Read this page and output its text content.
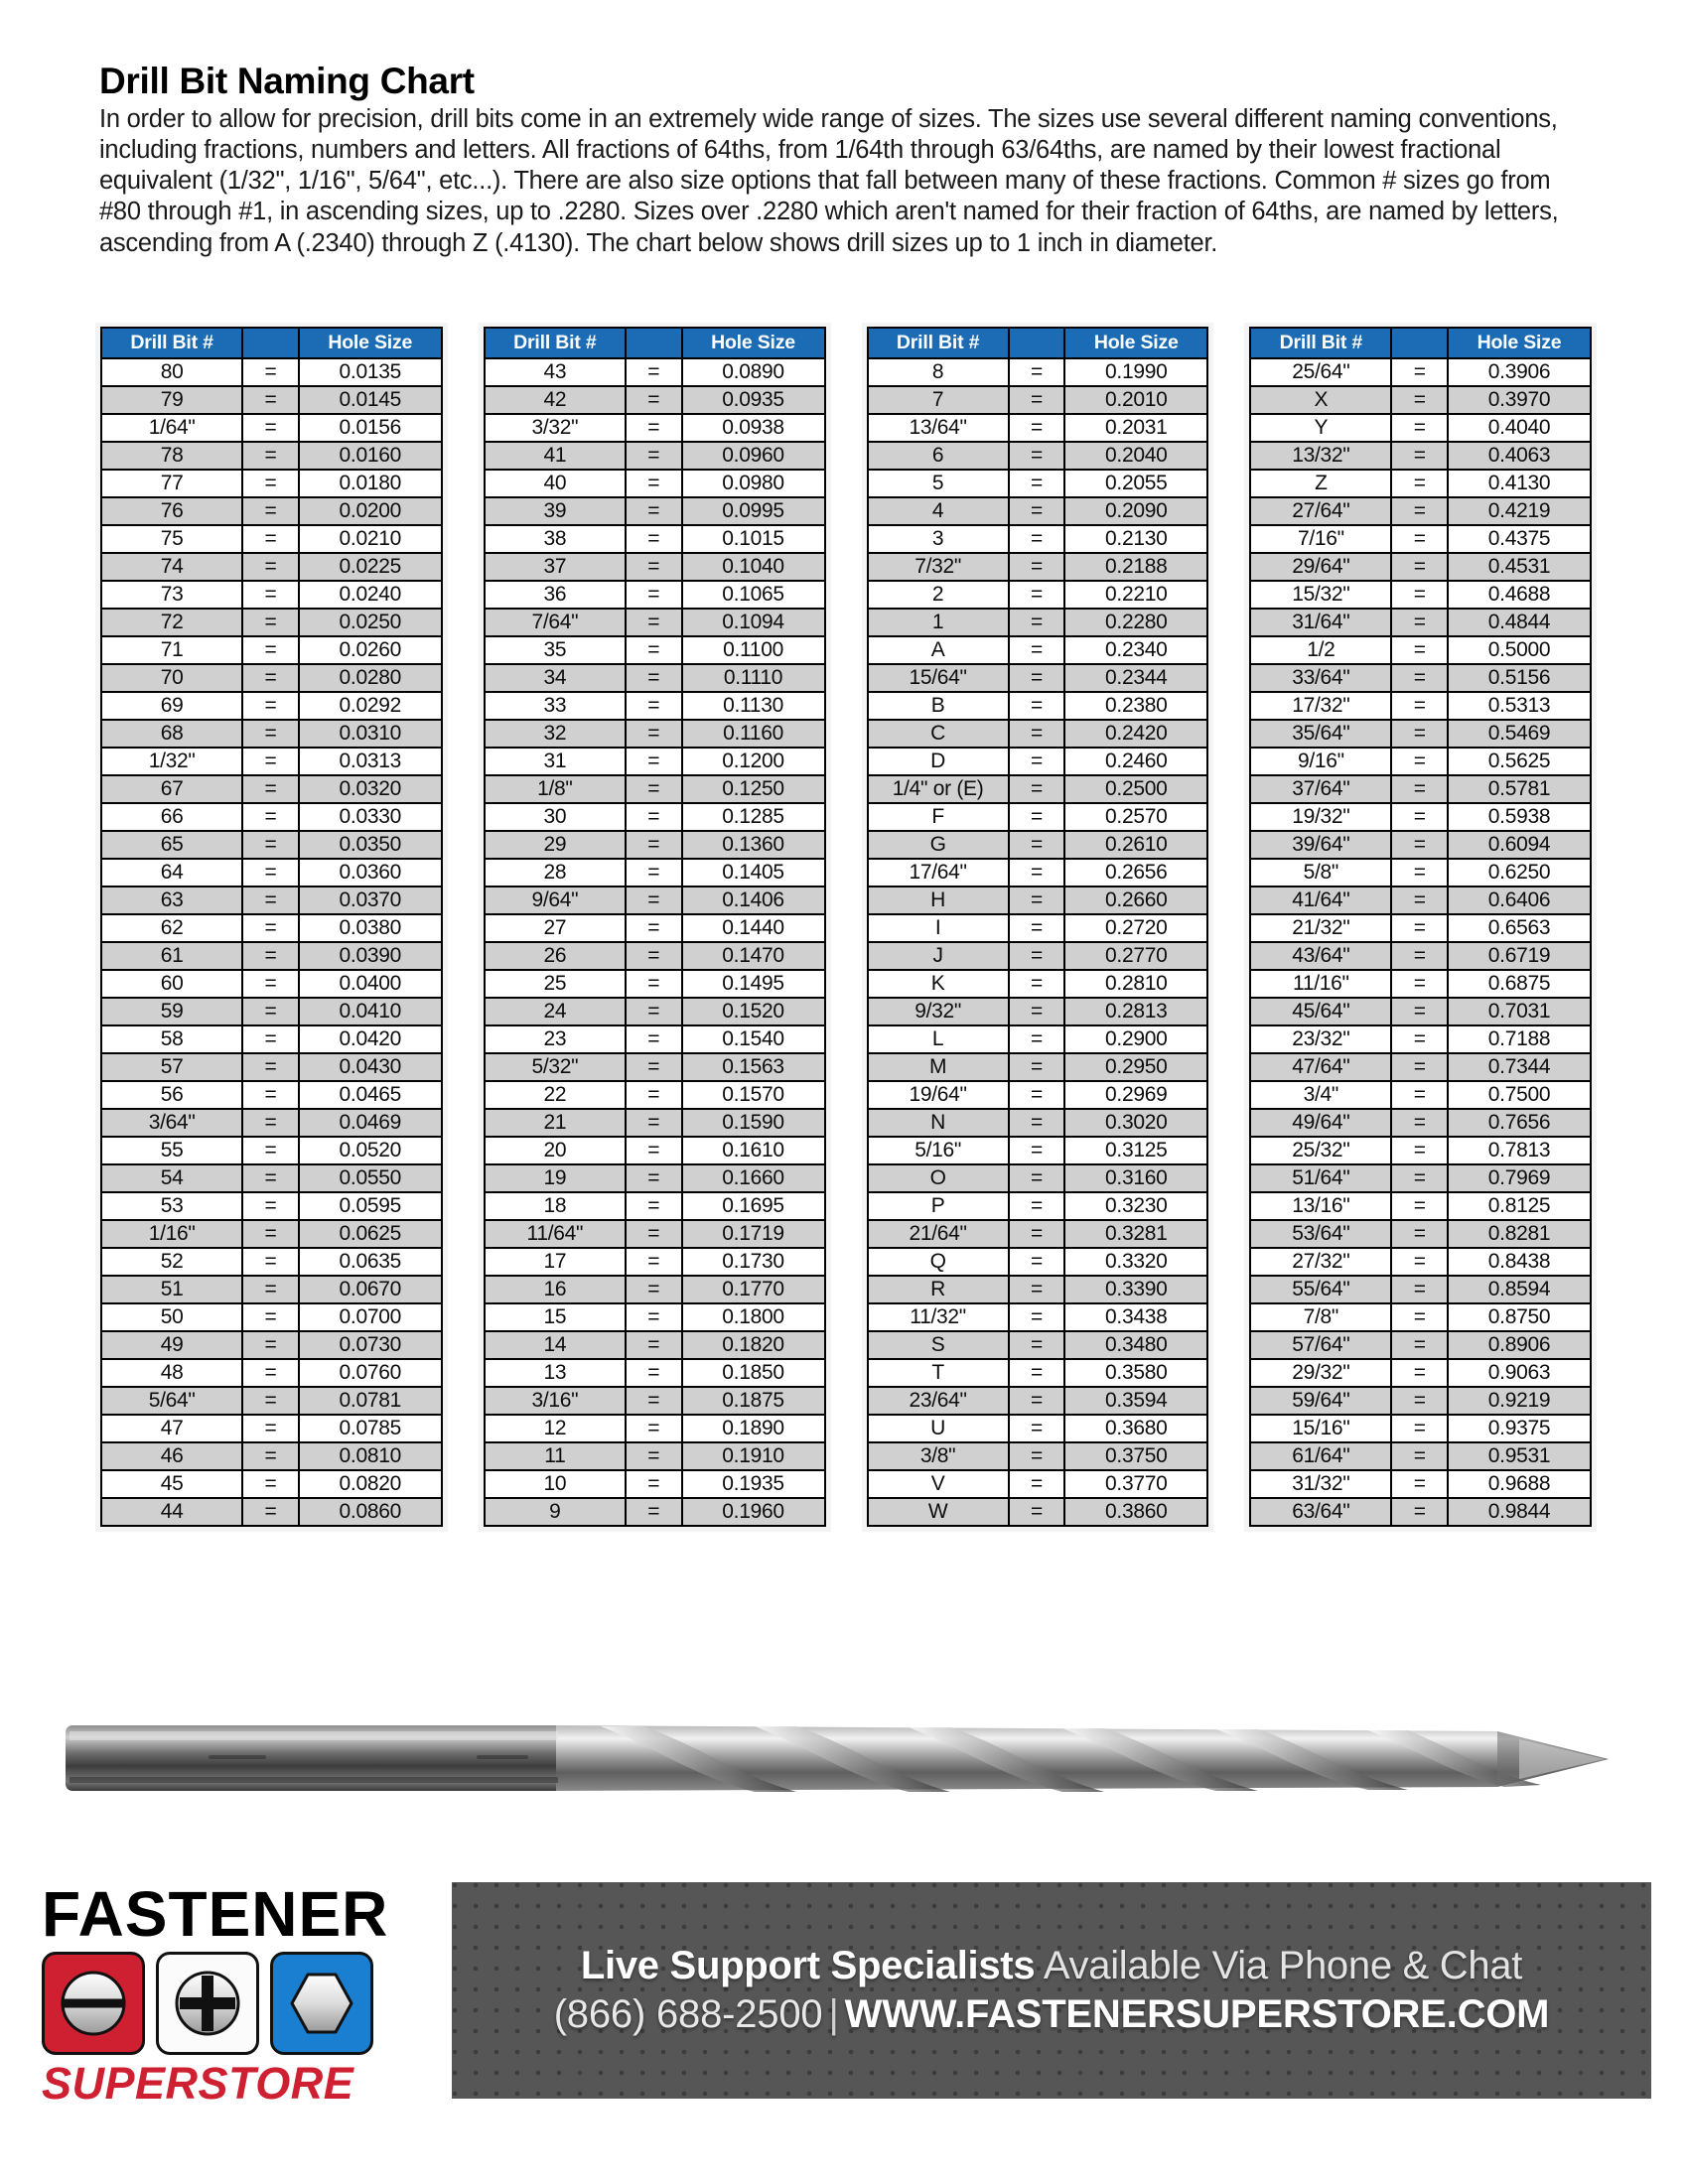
Drill Bit Naming Chart

In order to allow for precision, drill bits come in an extremely wide range of sizes. The sizes use several different naming conventions, including fractions, numbers and letters. All fractions of 64ths, from 1/64th through 63/64ths, are named by their lowest fractional equivalent (1/32", 1/16", 5/64", etc...). There are also size options that fall between many of these fractions. Common # sizes go from #80 through #1, in ascending sizes, up to .2280. Sizes over .2280 which aren't named for their fraction of 64ths, are named by letters, ascending from A (.2340) through Z (.4130). The chart below shows drill sizes up to 1 inch in diameter.

Drill Bit #		Hole Size
80	=	0.0135
79	=	0.0145
1/64"	=	0.0156
78	=	0.0160
77	=	0.0180
76	=	0.0200
75	=	0.0210
74	=	0.0225
73	=	0.0240
72	=	0.0250
71	=	0.0260
70	=	0.0280
69	=	0.0292
68	=	0.0310
1/32"	=	0.0313
67	=	0.0320
66	=	0.0330
65	=	0.0350
64	=	0.0360
63	=	0.0370
62	=	0.0380
61	=	0.0390
60	=	0.0400
59	=	0.0410
58	=	0.0420
57	=	0.0430
56	=	0.0465
3/64"	=	0.0469
55	=	0.0520
54	=	0.0550
53	=	0.0595
1/16"	=	0.0625
52	=	0.0635
51	=	0.0670
50	=	0.0700
49	=	0.0730
48	=	0.0760
5/64"	=	0.0781
47	=	0.0785
46	=	0.0810
45	=	0.0820
44	=	0.0860
Drill Bit #		Hole Size
43	=	0.0890
42	=	0.0935
3/32"	=	0.0938
41	=	0.0960
40	=	0.0980
39	=	0.0995
38	=	0.1015
37	=	0.1040
36	=	0.1065
7/64"	=	0.1094
35	=	0.1100
34	=	0.1110
33	=	0.1130
32	=	0.1160
31	=	0.1200
1/8"	=	0.1250
30	=	0.1285
29	=	0.1360
28	=	0.1405
9/64"	=	0.1406
27	=	0.1440
26	=	0.1470
25	=	0.1495
24	=	0.1520
23	=	0.1540
5/32"	=	0.1563
22	=	0.1570
21	=	0.1590
20	=	0.1610
19	=	0.1660
18	=	0.1695
11/64"	=	0.1719
17	=	0.1730
16	=	0.1770
15	=	0.1800
14	=	0.1820
13	=	0.1850
3/16"	=	0.1875
12	=	0.1890
11	=	0.1910
10	=	0.1935
9	=	0.1960
Drill Bit #		Hole Size
8	=	0.1990
7	=	0.2010
13/64"	=	0.2031
6	=	0.2040
5	=	0.2055
4	=	0.2090
3	=	0.2130
7/32"	=	0.2188
2	=	0.2210
1	=	0.2280
A	=	0.2340
15/64"	=	0.2344
B	=	0.2380
C	=	0.2420
D	=	0.2460
1/4" or (E)	=	0.2500
F	=	0.2570
G	=	0.2610
17/64"	=	0.2656
H	=	0.2660
I	=	0.2720
J	=	0.2770
K	=	0.2810
9/32"	=	0.2813
L	=	0.2900
M	=	0.2950
19/64"	=	0.2969
N	=	0.3020
5/16"	=	0.3125
O	=	0.3160
P	=	0.3230
21/64"	=	0.3281
Q	=	0.3320
R	=	0.3390
11/32"	=	0.3438
S	=	0.3480
T	=	0.3580
23/64"	=	0.3594
U	=	0.3680
3/8"	=	0.3750
V	=	0.3770
W	=	0.3860
Drill Bit #		Hole Size
25/64"	=	0.3906
X	=	0.3970
Y	=	0.4040
13/32"	=	0.4063
Z	=	0.4130
27/64"	=	0.4219
7/16"	=	0.4375
29/64"	=	0.4531
15/32"	=	0.4688
31/64"	=	0.4844
1/2	=	0.5000
33/64"	=	0.5156
17/32"	=	0.5313
35/64"	=	0.5469
9/16"	=	0.5625
37/64"	=	0.5781
19/32"	=	0.5938
39/64"	=	0.6094
5/8"	=	0.6250
41/64"	=	0.6406
21/32"	=	0.6563
43/64"	=	0.6719
11/16"	=	0.6875
45/64"	=	0.7031
23/32"	=	0.7188
47/64"	=	0.7344
3/4"	=	0.7500
49/64"	=	0.7656
25/32"	=	0.7813
51/64"	=	0.7969
13/16"	=	0.8125
53/64"	=	0.8281
27/32"	=	0.8438
55/64"	=	0.8594
7/8"	=	0.8750
57/64"	=	0.8906
29/32"	=	0.9063
59/64"	=	0.9219
15/16"	=	0.9375
61/64"	=	0.9531
31/32"	=	0.9688
63/64"	=	0.9844
FASTENER
SUPERSTORE
Live Support Specialists Available Via Phone & Chat
(866) 688-2500 | WWW.FASTENERSUPERSTORE.COM
